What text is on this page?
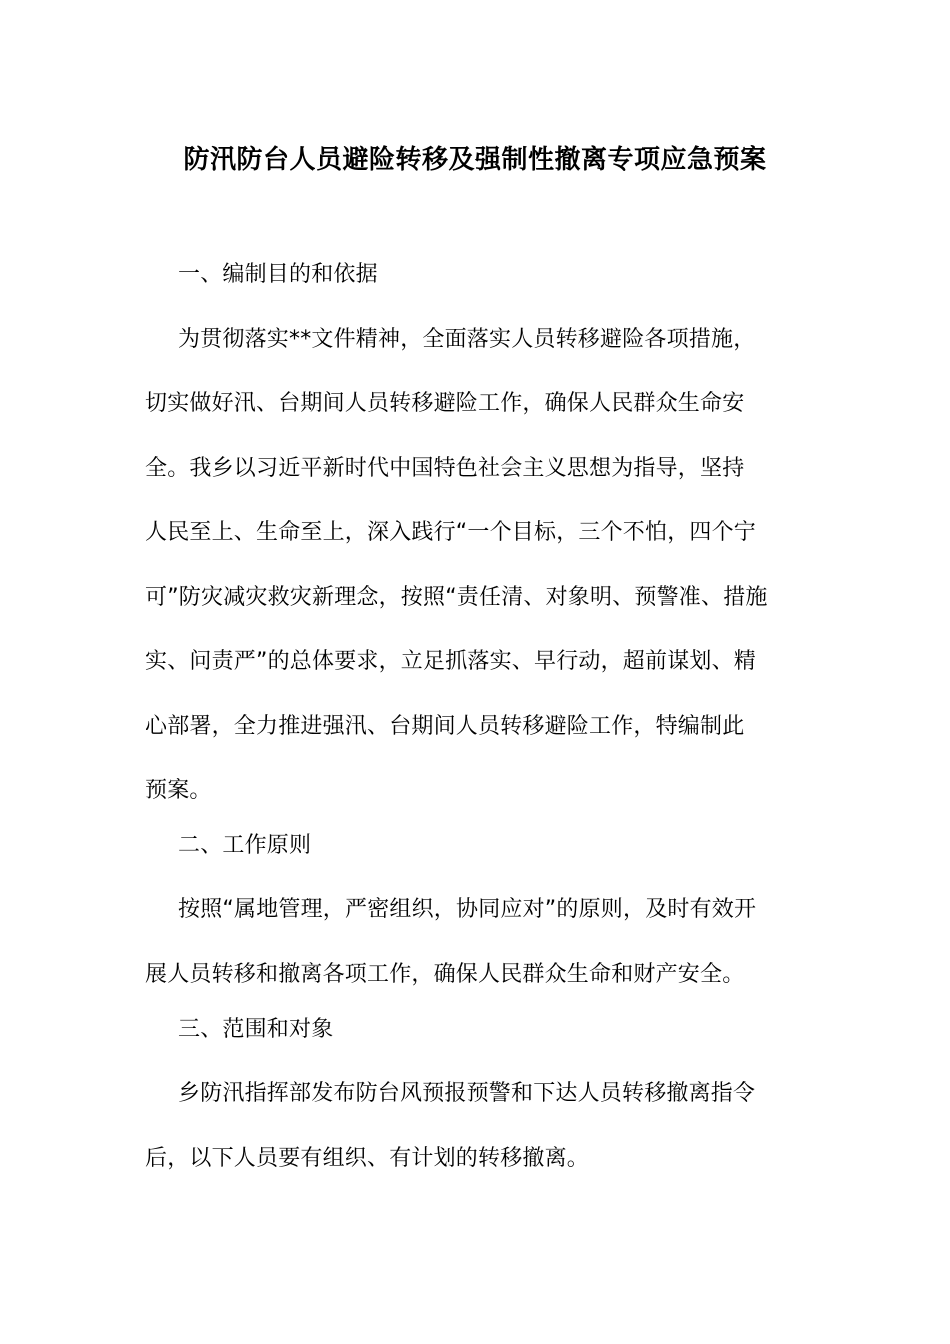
防汛防台人员避险转移及强制性撤离专项应急预案
一、编制目的和依据
为贯彻落实**文件精神，全面落实人员转移避险各项措施，
切实做好汛、台期间人员转移避险工作，确保人民群众生命安
全。我乡以习近平新时代中国特色社会主义思想为指导，坚持
人民至上、生命至上，深入践行“一个目标，三个不怕，四个宁
可”防灾减灾救灾新理念，按照“责任清、对象明、预警准、措施
实、问责严”的总体要求，立足抓落实、早行动，超前谋划、精
心部署，全力推进强汛、台期间人员转移避险工作，特编制此
预案。
二、工作原则
按照“属地管理，严密组织，协同应对”的原则，及时有效开
展人员转移和撤离各项工作，确保人民群众生命和财产安全。
三、范围和对象
乡防汛指挥部发布防台风预报预警和下达人员转移撤离指令
后，以下人员要有组织、有计划的转移撤离。
